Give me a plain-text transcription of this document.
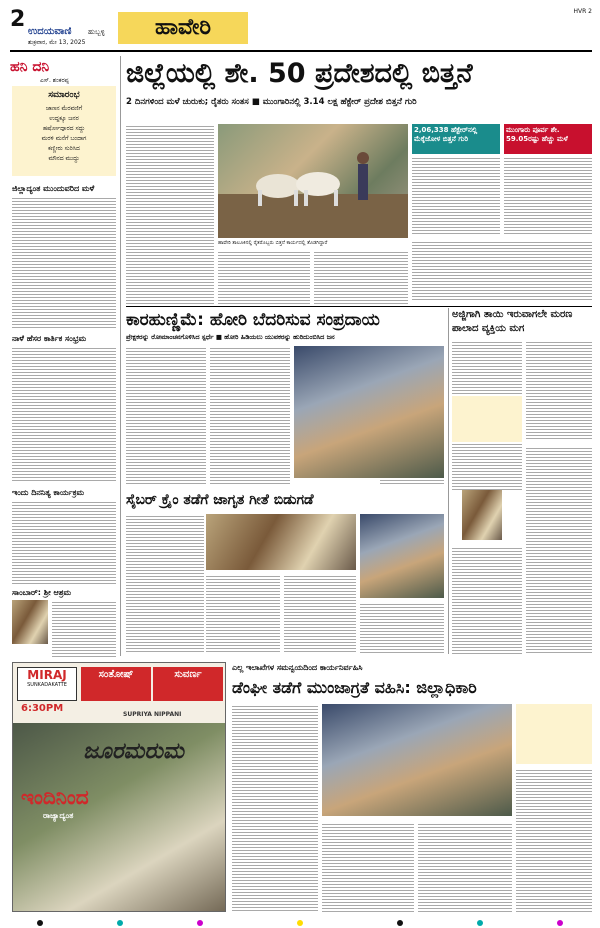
2 ಉದಯವಾಣಿ ಹುಬ್ಬಳ್ಳಿ
ಶುಕ್ರವಾರ, ಮೇ 13, 2025
ಹಾವೇರಿ
HVR 2
ಹನಿ ದನಿ
ಎಸ್. ಶಂಕರಪ್ಪ
ಸಮಾರಂಭ
ಜಾಣನ ಮೆರವಣಿಗೆ
ಉದ್ದಕ್ಕೂ ಜನರ
ಹರ್ಷೋದ್ಗಾರದ ಸದ್ದು
ಮರಳಿ ಮನೆಗೆ ಬಂದಾಗ
ಕಣ್ಣೀರು ಸುರಿಸಿದ
ಮೌನದ ಮುದ್ದು
ಜಿಲ್ಲಾದ್ಯಂತ ಮುಂದುವರಿದ ಮಳೆ
ನಾಳೆ ಹೆಸರ ಕಾರ್ತಿಕ ಸಂಭ್ರಮ
ಇಂದು ದಿನನಿತ್ಯ ಕಾರ್ಯಕ್ರಮ
ಸಾಂಬಾರ್: ಶ್ರೀ ಆಶ್ರಮ
ಜಿಲ್ಲೆಯಲ್ಲಿ ಶೇ. 50 ಪ್ರದೇಶದಲ್ಲಿ ಬಿತ್ತನೆ
2 ದಿನಗಳಿಂದ ಮಳೆ ಚುರುಕು; ರೈತರು ಸಂತಸ ■ ಮುಂಗಾರಿನಲ್ಲಿ 3.14 ಲಕ್ಷ ಹೆಕ್ಟೇರ್ ಪ್ರದೇಶ ಬಿತ್ತನೆ ಗುರಿ
ಹಾವೇರಿ ತಾಲೂಕಿನಲ್ಲಿ ರೈತರೊಬ್ಬರು ಬಿತ್ತನೆ ಕಾರ್ಯದಲ್ಲಿ ತೊಡಗಿದ್ದಾರೆ
2,06,338 ಹೆಕ್ಟೇರ್‌ನಲ್ಲಿ ಮೆಕ್ಕೆಜೋಳ ಬಿತ್ತನೆ ಗುರಿ
ಮುಂಗಾರು ಪೂರ್ವ ಶೇ. 59.05ರಷ್ಟು ಹೆಚ್ಚು ಮಳೆ
ಕಾರಹುಣ್ಣಿಮೆ: ಹೋರಿ ಬೆದರಿಸುವ ಸಂಪ್ರದಾಯ
ಪ್ರೇಕ್ಷಕರನ್ನು ರೋಮಾಂಚನಗೊಳಿಸಿದ ಸ್ಪರ್ಧೆ ■ ಹೋರಿ ಹಿಡಿಯಲು ಯುವಕರನ್ನು ಹುರಿದುಂಬಿಸಿದ ಜನ
ಸೈಬರ್ ಕ್ರೈಂ ತಡೆಗೆ ಜಾಗೃತ ಗೀತೆ ಬಿಡುಗಡೆ
ಅಜ್ಜಿಗಾಗಿ ತಾಯಿ ಇರುವಾಗಲೇ ಮರಣ ಪಾಲಾದ ವ್ಯಕ್ತಿಯ ಮಗ
MIRAJ
SUNKADAKATTE
ಸಂತೋಷ್	ಸುವರ್ಣ
6:30PM
SUPRIYA NIPPANI
ಜೂರಮರುಮ
ಇಂದಿನಿಂದ
ರಾಜ್ಯಾದ್ಯಂತ
ಎಲ್ಲ ಇಲಾಖೆಗಳ ಸಮನ್ವಯದಿಂದ ಕಾರ್ಯನಿರ್ವಹಿಸಿ
ಡೆಂಘೀ ತಡೆಗೆ ಮುಂಜಾಗ್ರತೆ ವಹಿಸಿ: ಜಿಲ್ಲಾಧಿಕಾರಿ
